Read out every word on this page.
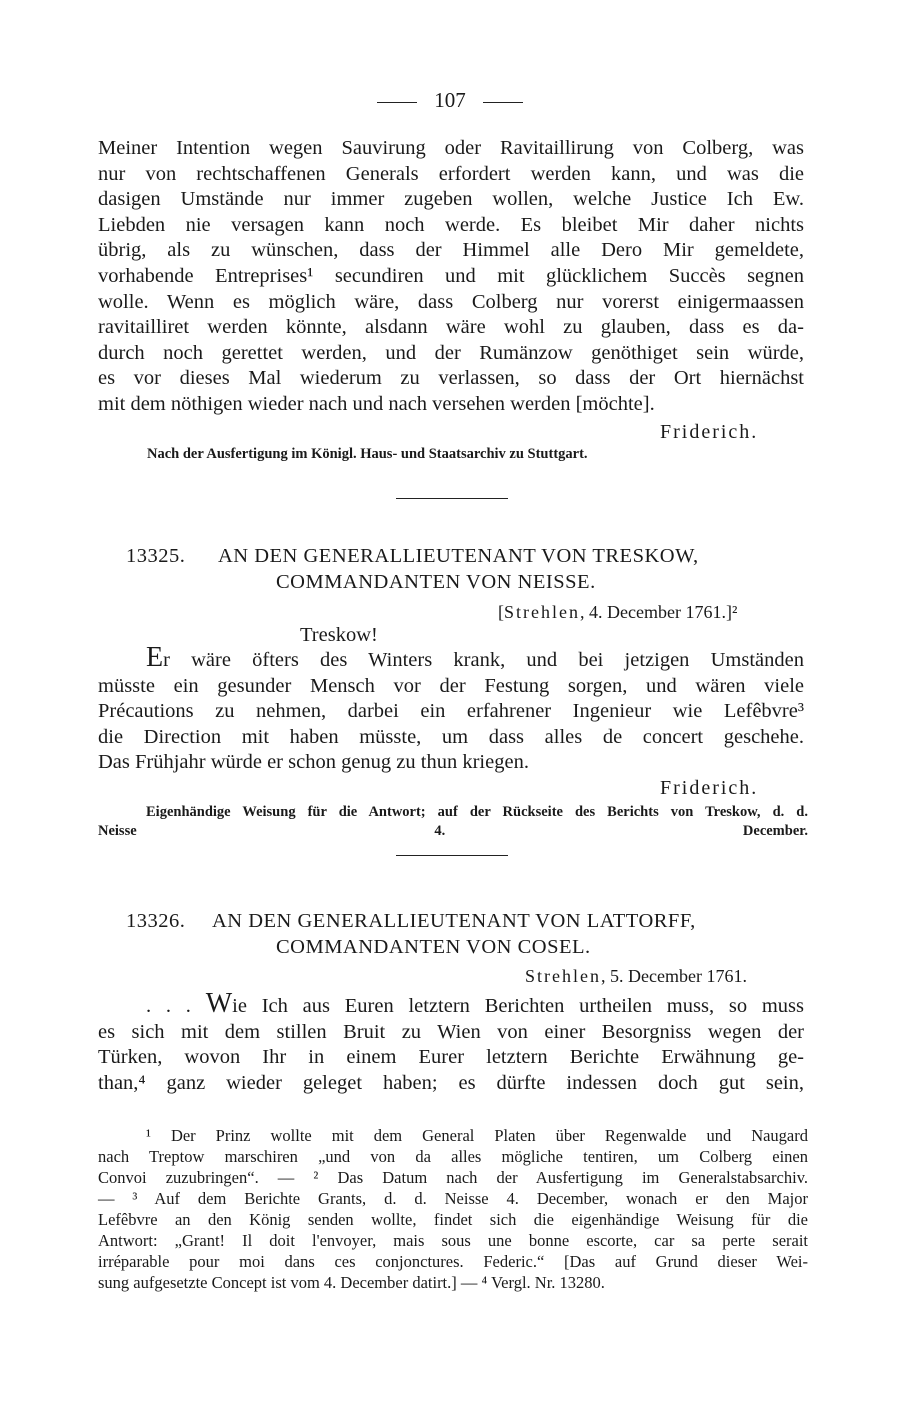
107
Meiner Intention wegen Sauvirung oder Ravitaillirung von Colberg, was
nur von rechtschaffenen Generals erfordert werden kann, und was die
dasigen Umstände nur immer zugeben wollen, welche Justice Ich Ew.
Liebden nie versagen kann noch werde. Es bleibet Mir daher nichts
übrig, als zu wünschen, dass der Himmel alle Dero Mir gemeldete,
vorhabende Entreprises¹ secundiren und mit glücklichem Succès segnen
wolle. Wenn es möglich wäre, dass Colberg nur vorerst einigermaassen
ravitailliret werden könnte, alsdann wäre wohl zu glauben, dass es da-
durch noch gerettet werden, und der Rumänzow genöthiget sein würde,
es vor dieses Mal wiederum zu verlassen, so dass der Ort hiernächst
mit dem nöthigen wieder nach und nach versehen werden [möchte].
Friderich.
Nach der Ausfertigung im Königl. Haus- und Staatsarchiv zu Stuttgart.
13325. AN DEN GENERALLIEUTENANT VON TRESKOW,
COMMANDANTEN VON NEISSE.
[Strehlen, 4. December 1761.]²
Treskow!
Er wäre öfters des Winters krank, und bei jetzigen Umständen
müsste ein gesunder Mensch vor der Festung sorgen, und wären viele
Précautions zu nehmen, darbei ein erfahrener Ingenieur wie Lefêbvre³
die Direction mit haben müsste, um dass alles de concert geschehe.
Das Frühjahr würde er schon genug zu thun kriegen.
Friderich.
Eigenhändige Weisung für die Antwort; auf der Rückseite des Berichts von Treskow, d. d.
Neisse 4. December.
13326. AN DEN GENERALLIEUTENANT VON LATTORFF,
COMMANDANTEN VON COSEL.
Strehlen, 5. December 1761.
. . . Wie Ich aus Euren letztern Berichten urtheilen muss, so muss
es sich mit dem stillen Bruit zu Wien von einer Besorgniss wegen der
Türken, wovon Ihr in einem Eurer letztern Berichte Erwähnung ge-
than,⁴ ganz wieder geleget haben; es dürfte indessen doch gut sein,
¹ Der Prinz wollte mit dem General Platen über Regenwalde und Naugard
nach Treptow marschiren „und von da alles mögliche tentiren, um Colberg einen
Convoi zuzubringen“. — ² Das Datum nach der Ausfertigung im Generalstabsarchiv.
— ³ Auf dem Berichte Grants, d. d. Neisse 4. December, wonach er den Major
Lefêbvre an den König senden wollte, findet sich die eigenhändige Weisung für die
Antwort: „Grant! Il doit l'envoyer, mais sous une bonne escorte, car sa perte serait
irréparable pour moi dans ces conjonctures. Federic.“ [Das auf Grund dieser Wei-
sung aufgesetzte Concept ist vom 4. December datirt.] — ⁴ Vergl. Nr. 13280.
